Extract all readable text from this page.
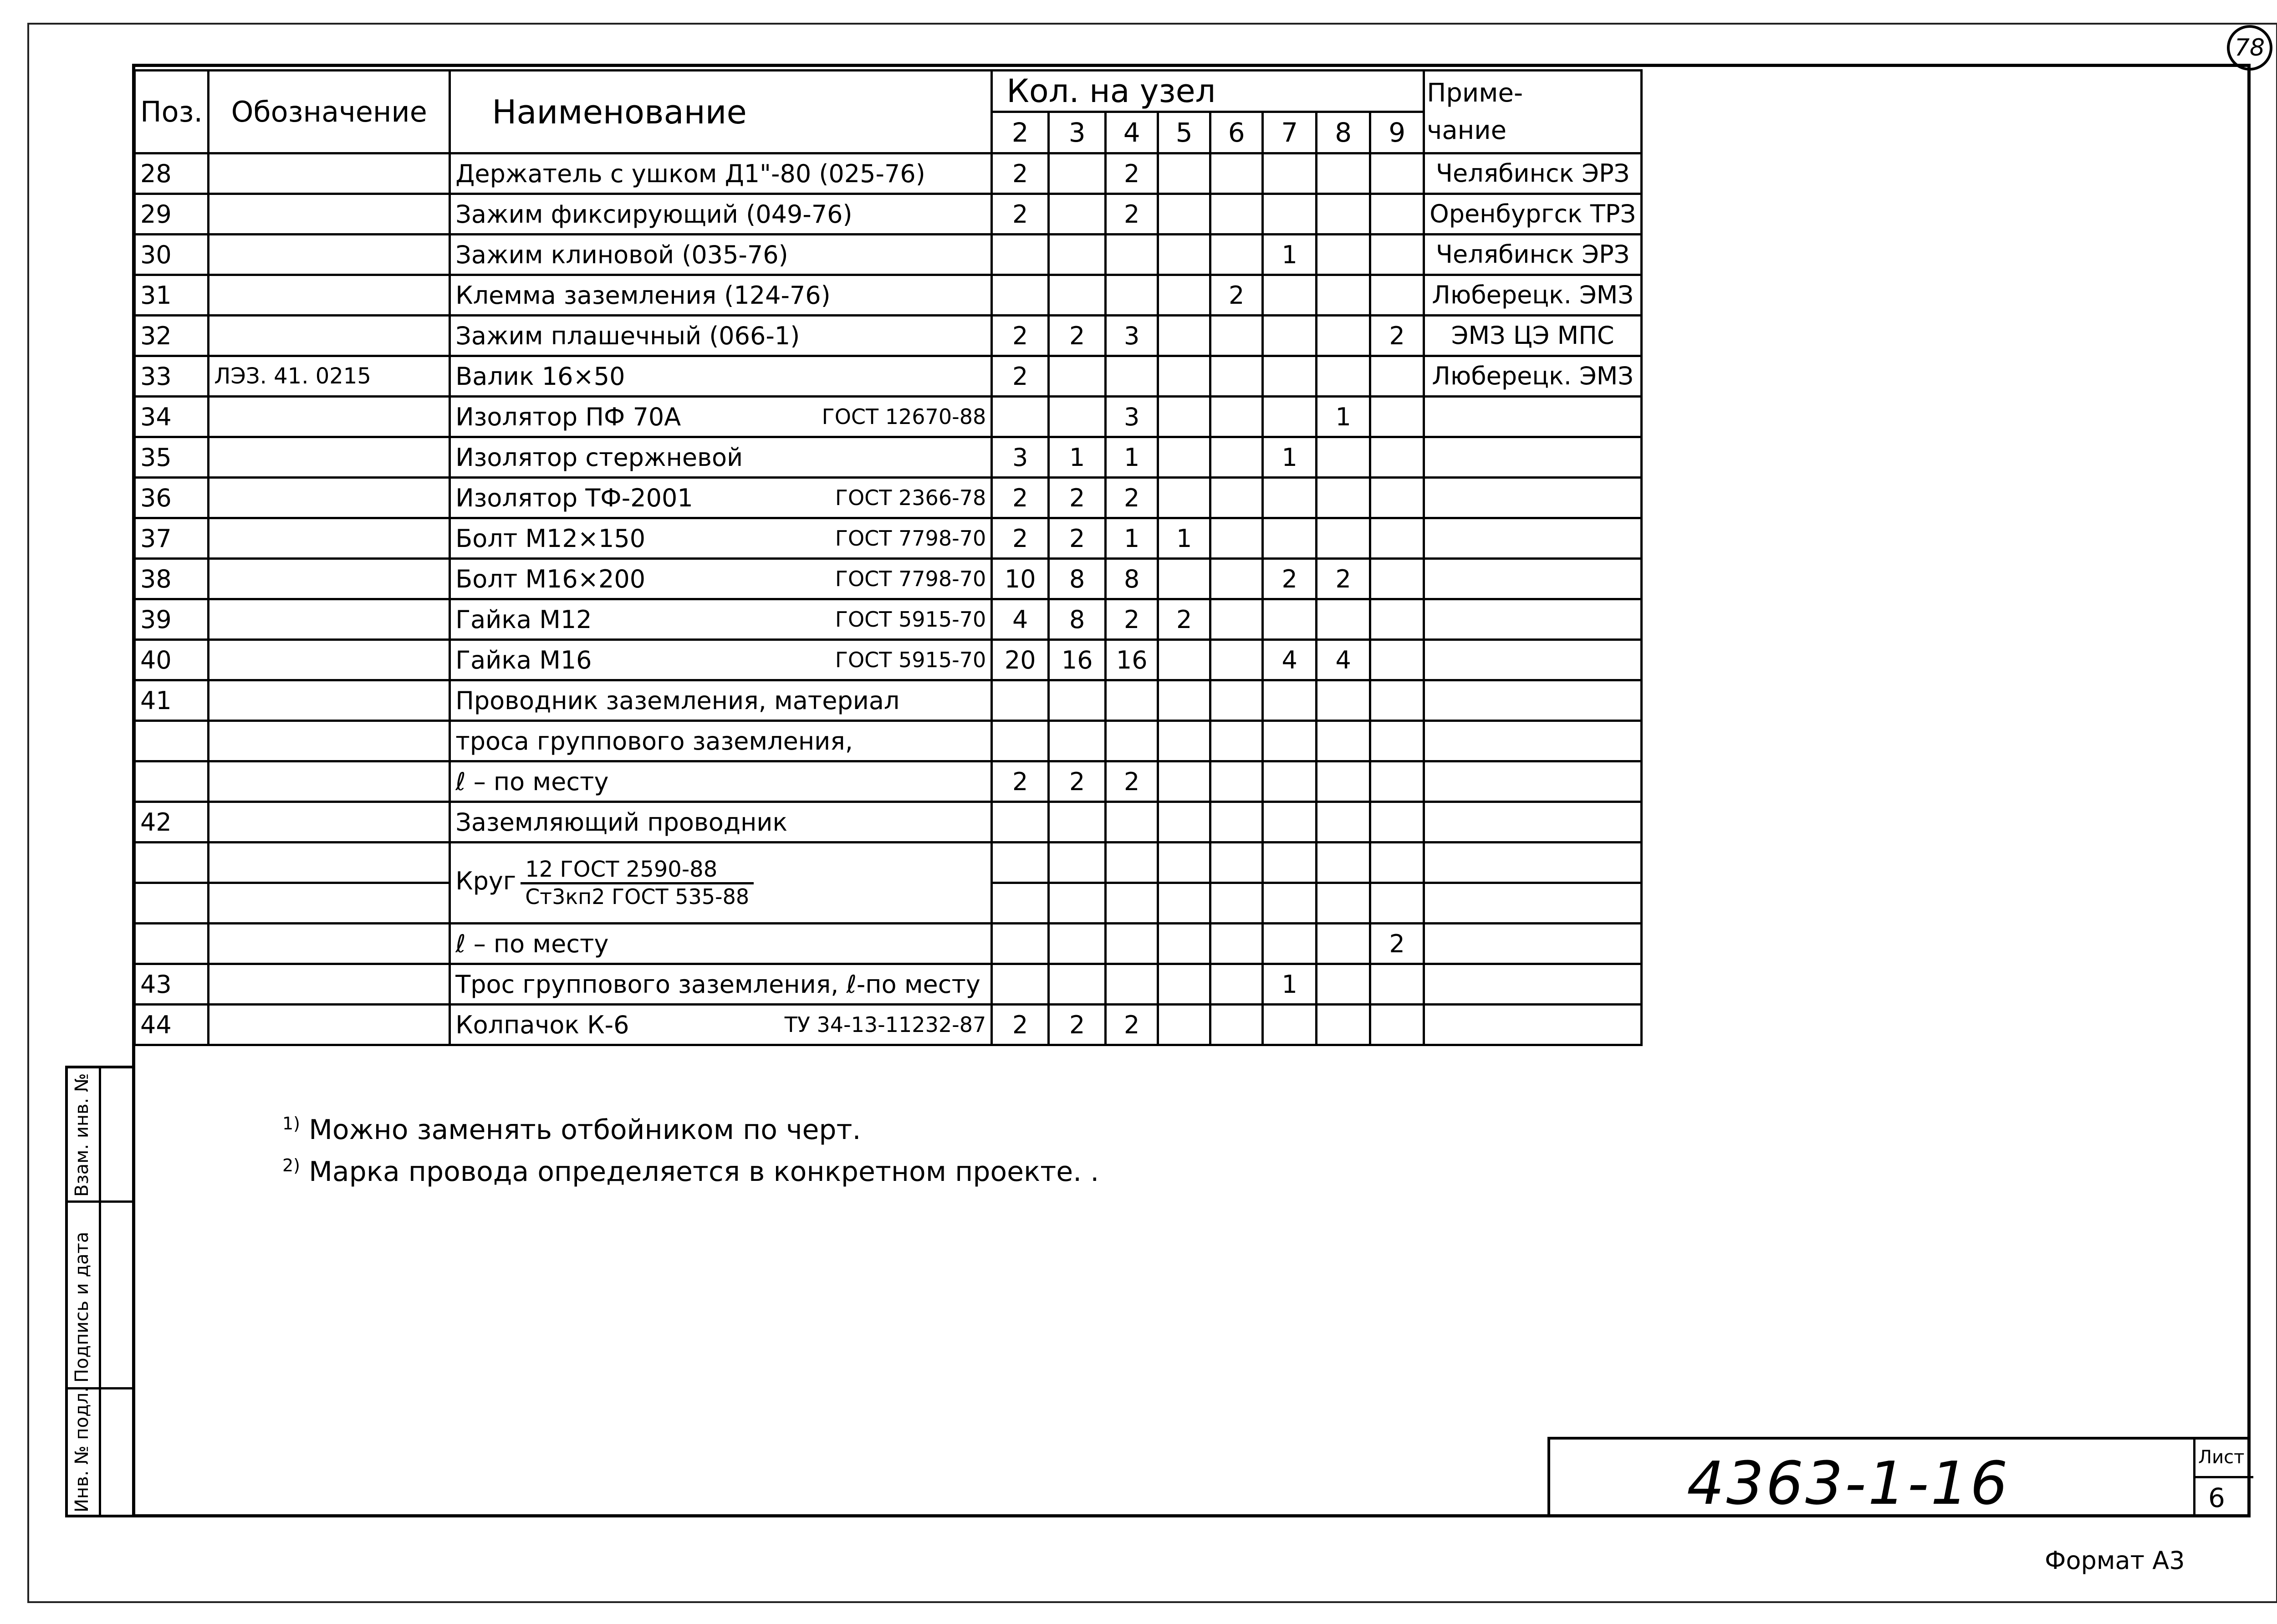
78
Поз.	Обозначение	Наименование	Кол. на узел								Приме-
чание
			2	3	4	5	6	7	8	9	
28		Держатель с ушком Д1"-80 (025-76)	2		2						Челябинск ЭРЗ
29		Зажим фиксирующий (049-76)	2		2						Оренбургск ТРЗ
30		Зажим клиновой (035-76)						1			Челябинск ЭРЗ
31		Клемма заземления (124-76)					2				Люберецк. ЭМЗ
32		Зажим плашечный (066-1)	2	2	3					2	ЭМЗ ЦЭ МПС
33	ЛЭЗ. 41. 0215	Валик 16×50	2								Люберецк. ЭМЗ
34		Изолятор ПФ 70А ГОСТ 12670-88			3				1		
35		Изолятор стержневой	3	1	1			1			
36		Изолятор ТФ-2001 ГОСТ 2366-78	2	2	2						
37		Болт М12×150 ГОСТ 7798-70	2	2	1	1					
38		Болт М16×200 ГОСТ 7798-70	10	8	8			2	2		
39		Гайка М12 ГОСТ 5915-70	4	8	2	2					
40		Гайка М16 ГОСТ 5915-70	20	16	16			4	4		
41		Проводник заземления, материал									

		троса группового заземления,									

		ℓ – по месту	2	2	2						
42		Заземляющий проводник									

		Круг $\frac{\text{12 ГОСТ 2590-88}}{\text{Ст3кп2 ГОСТ 535-88}}$

		ℓ – по месту								2	
43		Трос группового заземления, ℓ-по месту						1			
44		Колпачок К-6 ТУ 34-13-11232-87	2	2	2						
$^{1)}$ Можно заменять отбойником по черт.
$^{2)}$ Марка провода определяется в конкретном проекте. .
Взам. инв. №
Подпись и дата
Инв. № подл.	4363-1-16	Лист
6
Формат А3
